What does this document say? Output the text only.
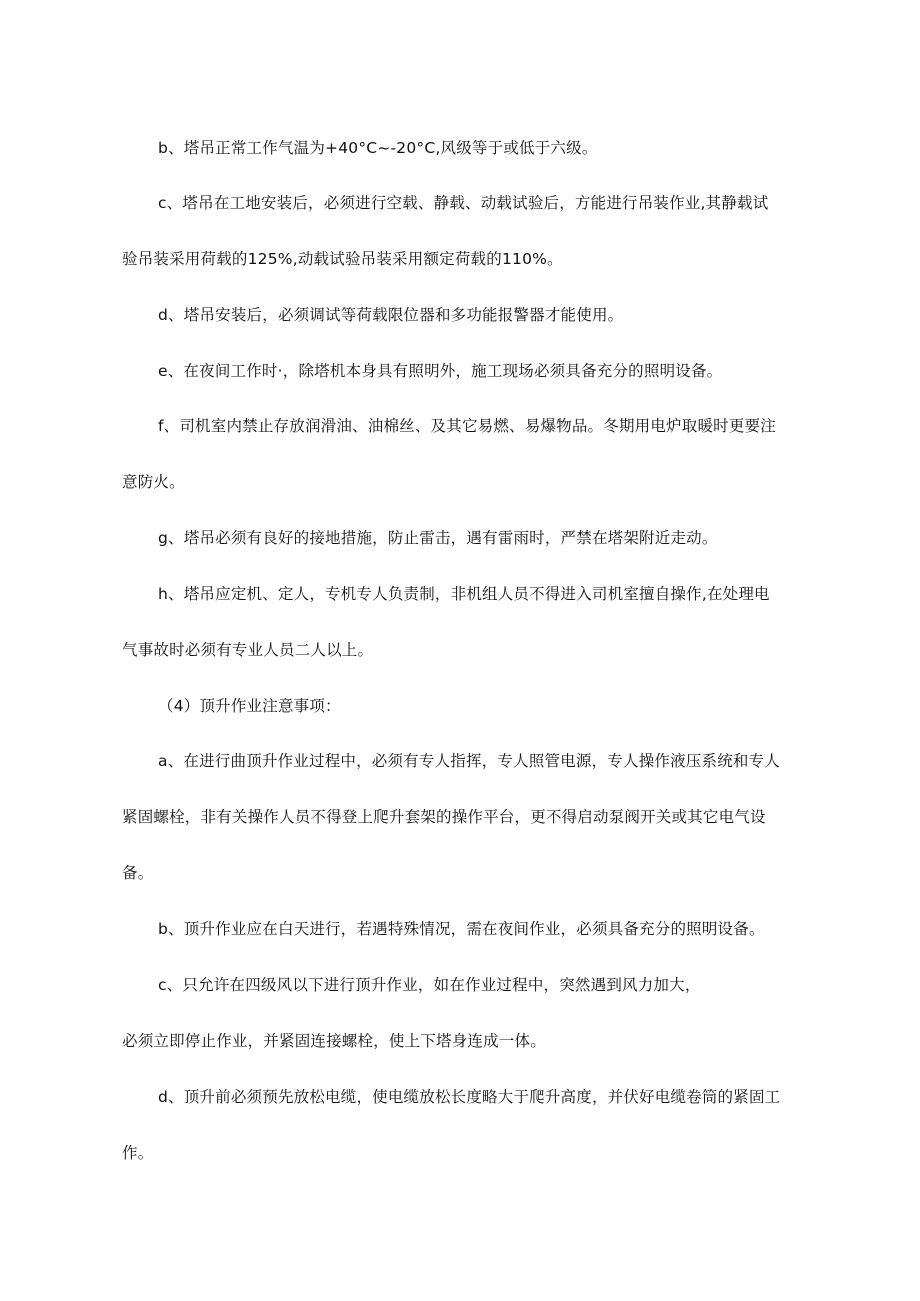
b、塔吊正常工作气温为+40°C~-20°C,风级等于或低于六级。
c、塔吊在工地安装后，必须进行空载、静载、动载试验后，方能进行吊装作业,其静载试
验吊装采用荷载的125%,动载试验吊装采用额定荷载的110%。
d、塔吊安装后，必须调试等荷载限位器和多功能报警器才能使用。
e、在夜间工作时·，除塔机本身具有照明外，施工现场必须具备充分的照明设备。
f、司机室内禁止存放润滑油、油棉丝、及其它易燃、易爆物品。冬期用电炉取暖时更要注
意防火。
g、塔吊必须有良好的接地措施，防止雷击，遇有雷雨时，严禁在塔架附近走动。
h、塔吊应定机、定人，专机专人负责制，非机组人员不得进入司机室擅自操作,在处理电
气事故时必须有专业人员二人以上。
（4）顶升作业注意事项：
a、在进行曲顶升作业过程中，必须有专人指挥，专人照管电源，专人操作液压系统和专人
紧固螺栓，非有关操作人员不得登上爬升套架的操作平台，更不得启动泵阀开关或其它电气设
备。
b、顶升作业应在白天进行，若遇特殊情况，需在夜间作业，必须具备充分的照明设备。
c、只允许在四级风以下进行顶升作业，如在作业过程中，突然遇到风力加大，
必须立即停止作业，并紧固连接螺栓，使上下塔身连成一体。
d、顶升前必须预先放松电缆，使电缆放松长度略大于爬升高度，并伏好电缆卷筒的紧固工
作。
